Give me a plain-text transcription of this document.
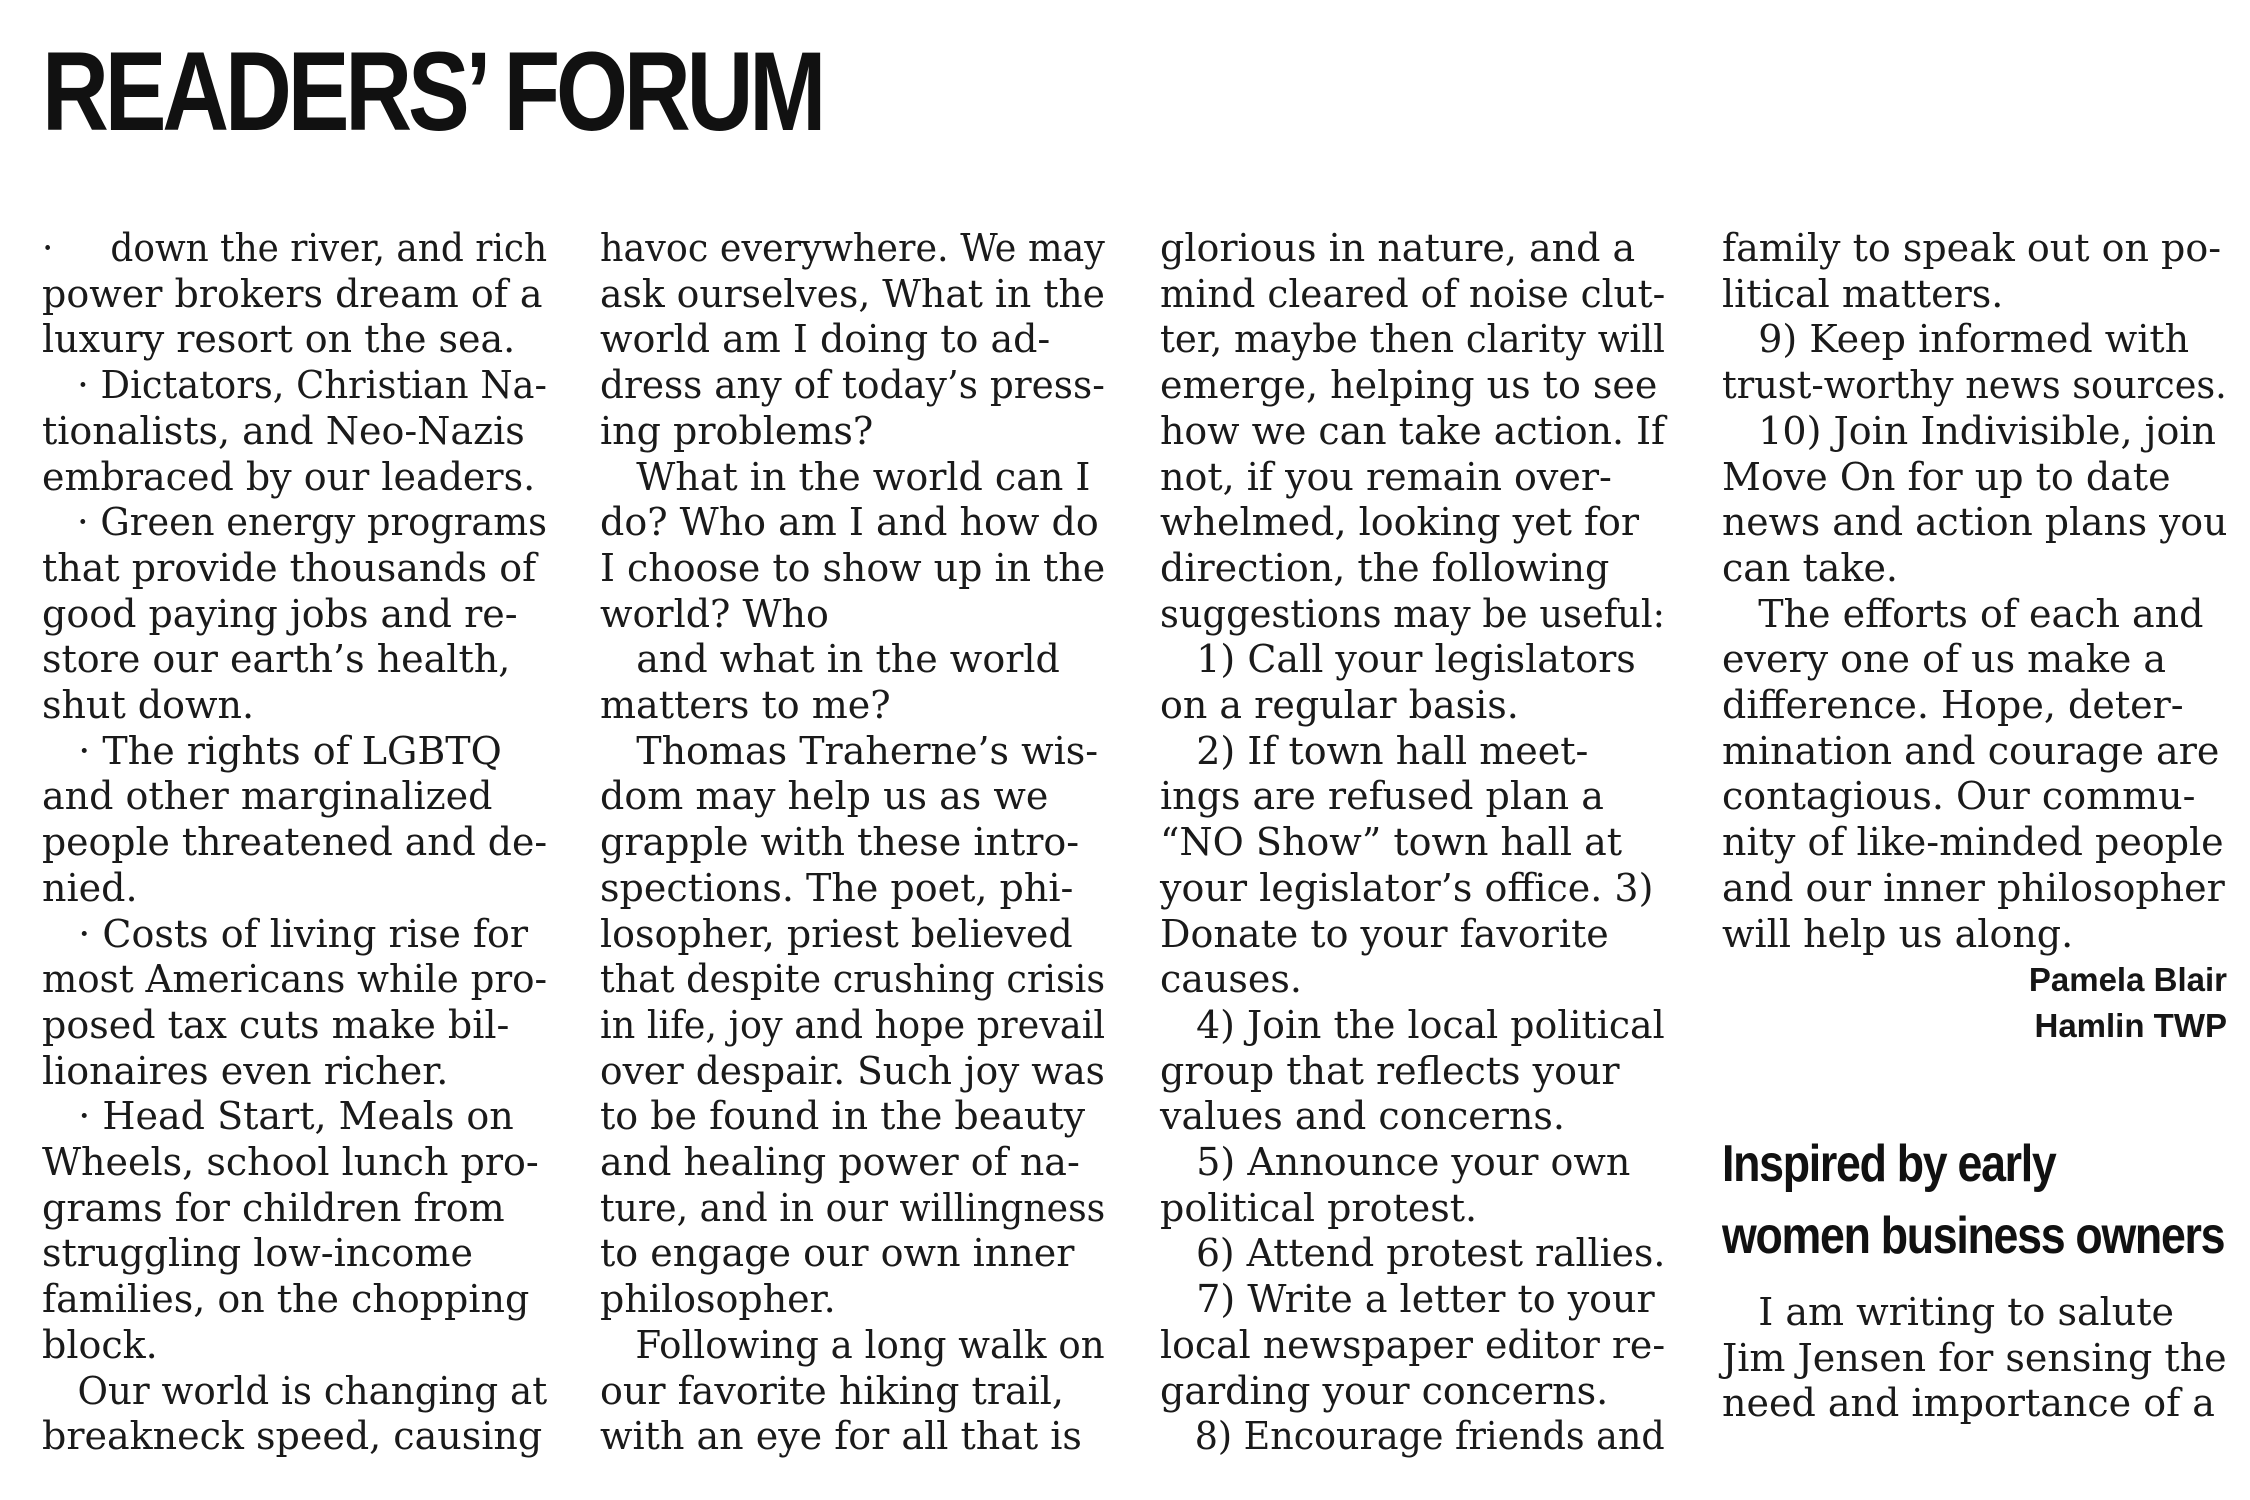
READERS’ FORUM
·     down the river, and rich
power brokers dream of a
luxury resort on the sea.
· Dictators, Christian Na-
tionalists, and Neo-Nazis
embraced by our leaders.
· Green energy programs
that provide thousands of
good paying jobs and re-
store our earth’s health,
shut down.
· The rights of LGBTQ
and other marginalized
people threatened and de-
nied.
· Costs of living rise for
most Americans while pro-
posed tax cuts make bil-
lionaires even richer.
· Head Start, Meals on
Wheels, school lunch pro-
grams for children from
struggling low-income
families, on the chopping
block.
Our world is changing at
breakneck speed, causing
havoc everywhere. We may
ask ourselves, What in the
world am I doing to ad-
dress any of today’s press-
ing problems?
What in the world can I
do? Who am I and how do
I choose to show up in the
world? Who
and what in the world
matters to me?
Thomas Traherne’s wis-
dom may help us as we
grapple with these intro-
spections. The poet, phi-
losopher, priest believed
that despite crushing crisis
in life, joy and hope prevail
over despair. Such joy was
to be found in the beauty
and healing power of na-
ture, and in our willingness
to engage our own inner
philosopher.
Following a long walk on
our favorite hiking trail,
with an eye for all that is
glorious in nature, and a
mind cleared of noise clut-
ter, maybe then clarity will
emerge, helping us to see
how we can take action. If
not, if you remain over-
whelmed, looking yet for
direction, the following
suggestions may be useful:
1) Call your legislators
on a regular basis.
2) If town hall meet-
ings are refused plan a
“NO Show” town hall at
your legislator’s office. 3)
Donate to your favorite
causes.
4) Join the local political
group that reflects your
values and concerns.
5) Announce your own
political protest.
6) Attend protest rallies.
7) Write a letter to your
local newspaper editor re-
garding your concerns.
8) Encourage friends and
family to speak out on po-
litical matters.
9) Keep informed with
trust-worthy news sources.
10) Join Indivisible, join
Move On for up to date
news and action plans you
can take.
The efforts of each and
every one of us make a
difference. Hope, deter-
mination and courage are
contagious. Our commu-
nity of like-minded people
and our inner philosopher
will help us along.
Pamela Blair
Hamlin TWP
Inspired by early
women business owners
I am writing to salute
Jim Jensen for sensing the
need and importance of a
